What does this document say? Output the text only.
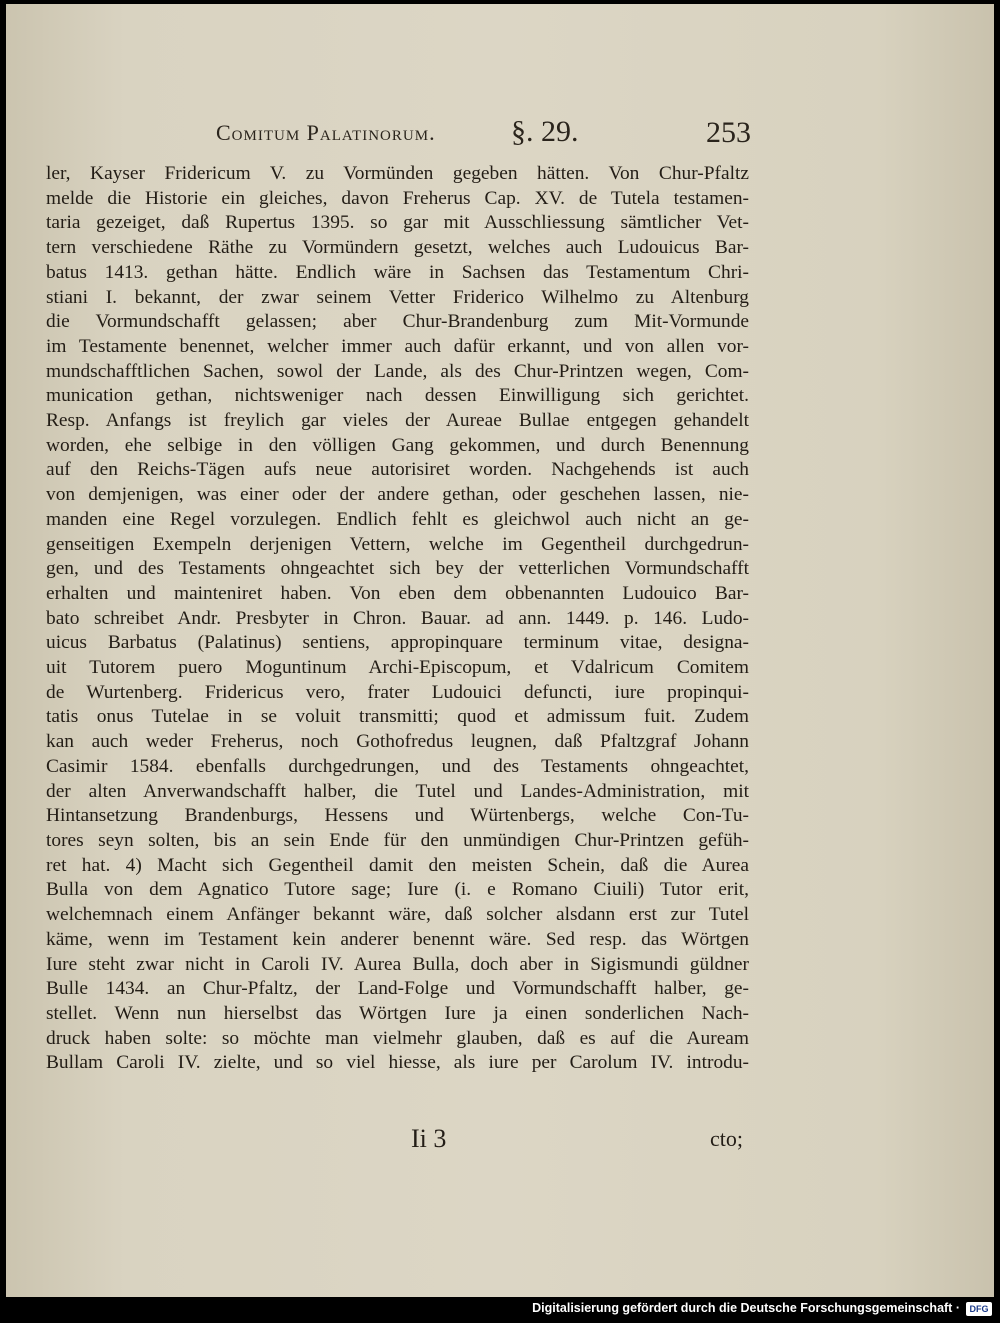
Comitum Palatinorum.	§. 29.	253
ler, Kayser Fridericum V. zu Vormünden gegeben hätten. Von Chur-Pfaltz
melde die Historie ein gleiches, davon Freherus Cap. XV. de Tutela testamen-
taria gezeiget, daß Rupertus 1395. so gar mit Ausschliessung sämtlicher Vet-
tern verschiedene Räthe zu Vormündern gesetzt, welches auch Ludouicus Bar-
batus 1413. gethan hätte. Endlich wäre in Sachsen das Testamentum Chri-
stiani I. bekannt, der zwar seinem Vetter Friderico Wilhelmo zu Altenburg
die Vormundschafft gelassen; aber Chur-Brandenburg zum Mit-Vormunde
im Testamente benennet, welcher immer auch dafür erkannt, und von allen vor-
mundschafftlichen Sachen, sowol der Lande, als des Chur-Printzen wegen, Com-
munication gethan, nichtsweniger nach dessen Einwilligung sich gerichtet.
Resp. Anfangs ist freylich gar vieles der Aureae Bullae entgegen gehandelt
worden, ehe selbige in den völligen Gang gekommen, und durch Benennung
auf den Reichs-Tägen aufs neue autorisiret worden. Nachgehends ist auch
von demjenigen, was einer oder der andere gethan, oder geschehen lassen, nie-
manden eine Regel vorzulegen. Endlich fehlt es gleichwol auch nicht an ge-
genseitigen Exempeln derjenigen Vettern, welche im Gegentheil durchgedrun-
gen, und des Testaments ohngeachtet sich bey der vetterlichen Vormundschafft
erhalten und mainteniret haben. Von eben dem obbenannten Ludouico Bar-
bato schreibet Andr. Presbyter in Chron. Bauar. ad ann. 1449. p. 146. Ludo-
uicus Barbatus (Palatinus) sentiens, appropinquare terminum vitae, designa-
uit Tutorem puero Moguntinum Archi-Episcopum, et Vdalricum Comitem
de Wurtenberg. Fridericus vero, frater Ludouici defuncti, iure propinqui-
tatis onus Tutelae in se voluit transmitti; quod et admissum fuit. Zudem
kan auch weder Freherus, noch Gothofredus leugnen, daß Pfaltzgraf Johann
Casimir 1584. ebenfalls durchgedrungen, und des Testaments ohngeachtet,
der alten Anverwandschafft halber, die Tutel und Landes-Administration, mit
Hintansetzung Brandenburgs, Hessens und Würtenbergs, welche Con-Tu-
tores seyn solten, bis an sein Ende für den unmündigen Chur-Printzen gefüh-
ret hat. 4) Macht sich Gegentheil damit den meisten Schein, daß die Aurea
Bulla von dem Agnatico Tutore sage; Iure (i. e Romano Ciuili) Tutor erit,
welchemnach einem Anfänger bekannt wäre, daß solcher alsdann erst zur Tutel
käme, wenn im Testament kein anderer benennt wäre. Sed resp. das Wörtgen
Iure steht zwar nicht in Caroli IV. Aurea Bulla, doch aber in Sigismundi güldner
Bulle 1434. an Chur-Pfaltz, der Land-Folge und Vormundschafft halber, ge-
stellet. Wenn nun hierselbst das Wörtgen Iure ja einen sonderlichen Nach-
druck haben solte: so möchte man vielmehr glauben, daß es auf die Auream
Bullam Caroli IV. zielte, und so viel hiesse, als iure per Carolum IV. introdu-
Ii 3	cto;
Digitalisierung gefördert durch die Deutsche Forschungsgemeinschaft ·	DFG
